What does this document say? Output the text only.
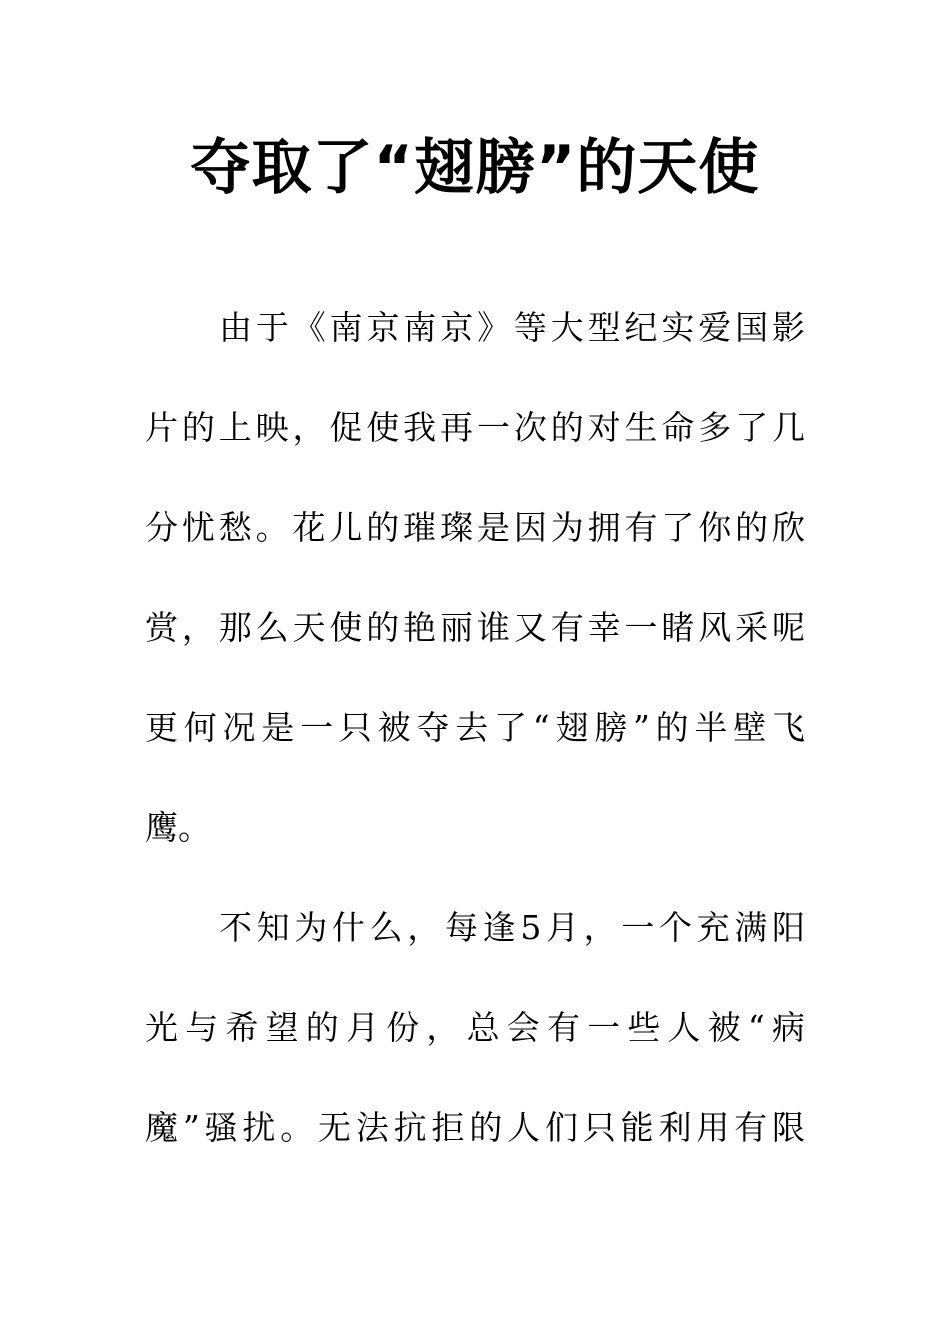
夺取了“翅膀”的天使
由于《南京南京》等大型纪实爱国影
片的上映，促使我再一次的对生命多了几
分忧愁。花儿的璀璨是因为拥有了你的欣
赏，那么天使的艳丽谁又有幸一睹风采呢
更何况是一只被夺去了“翅膀”的半壁飞
鹰。
不知为什么，每逢5月，一个充满阳
光与希望的月份，总会有一些人被“病
魔”骚扰。无法抗拒的人们只能利用有限
